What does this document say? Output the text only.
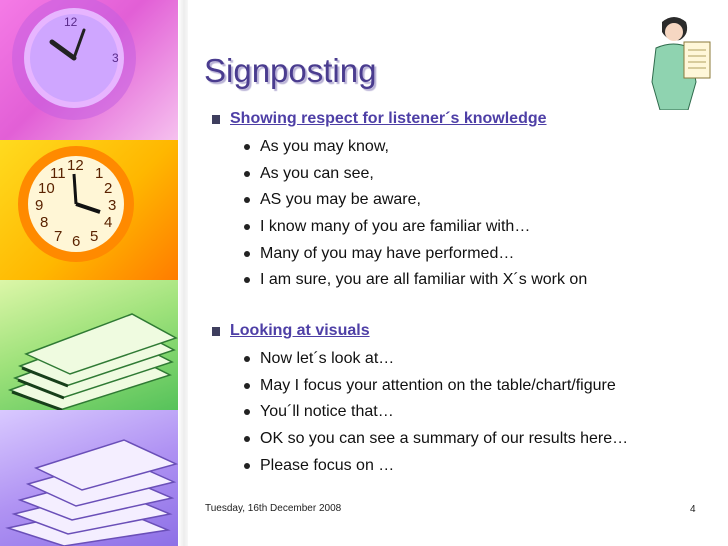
12
3
12 1
2
3
4
5
6
7
8
9
10
11
Signposting
Showing respect for listener´s knowledge
As you may know,
As you can see,
AS you may be aware,
I know many of you are familiar with…
Many of you may have performed…
I am sure, you are all familiar with X´s work on
Looking at visuals
Now let´s look at…
May I focus your attention on the table/chart/figure
You´ll notice that…
OK so you can see a summary of our results here…
Please focus on …
Tuesday, 16th December 2008	4
